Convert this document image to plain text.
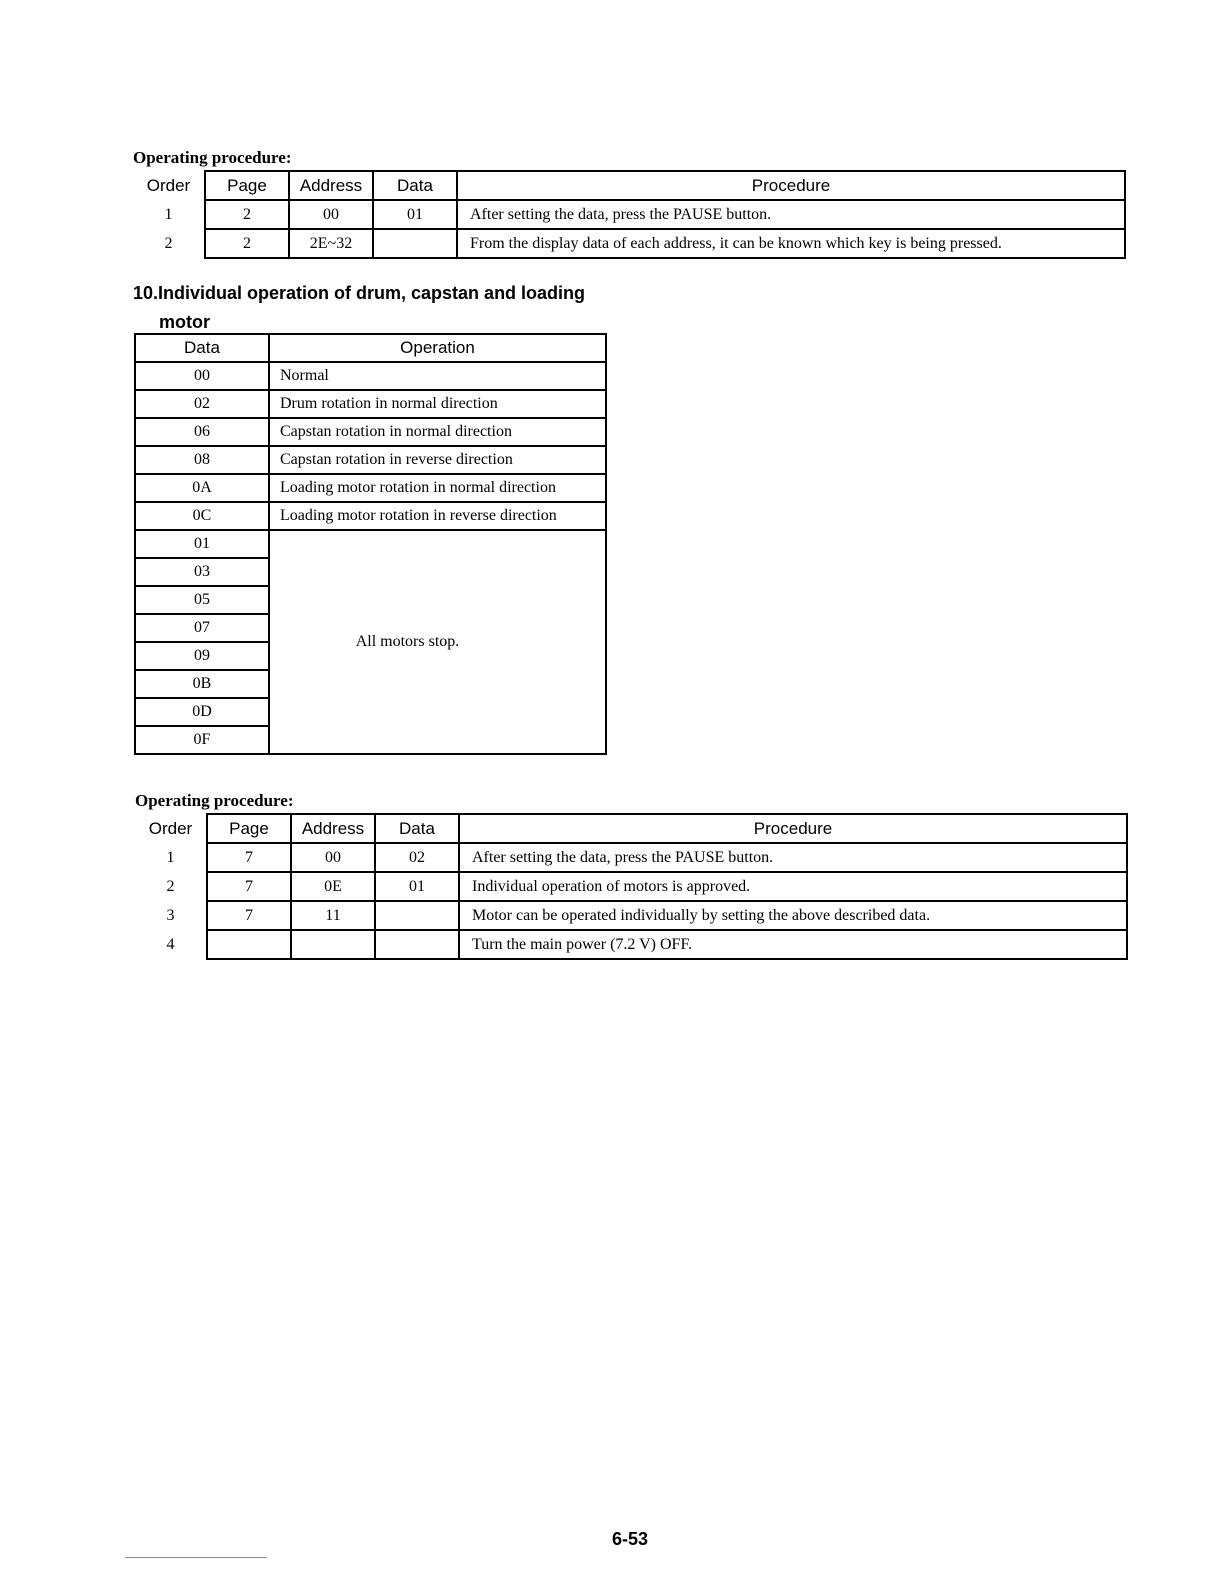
Operating procedure:
Order	Page	Address	Data	Procedure
1	2	00	01	After setting the data, press the PAUSE button.
2	2	2E~32		From the display data of each address, it can be known which key is being pressed.
10.Individual operation of drum, capstan and loading
motor
Data	Operation
00	Normal
02	Drum rotation in normal direction
06	Capstan rotation in normal direction
08	Capstan rotation in reverse direction
0A	Loading motor rotation in normal direction
0C	Loading motor rotation in reverse direction
01	All motors stop.
03	
05	
07	
09	
0B	
0D	
0F	
Operating procedure:
Order	Page	Address	Data	Procedure
1	7	00	02	After setting the data, press the PAUSE button.
2	7	0E	01	Individual operation of motors is approved.
3	7	11		Motor can be operated individually by setting the above described data.
4				Turn the main power (7.2 V) OFF.
6-53
